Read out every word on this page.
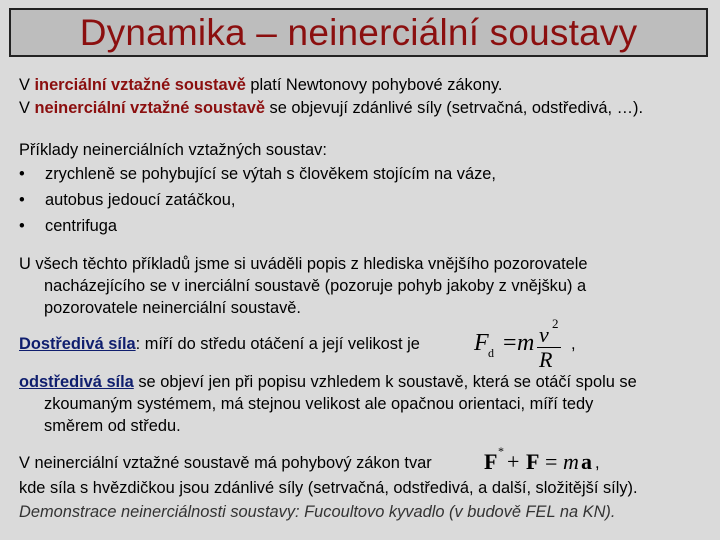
Dynamika – neinerciální soustavy
V inerciální vztažné soustavě platí Newtonovy pohybové zákony.
V neinerciální vztažné soustavě se objevují zdánlivé síly (setrvačná, odstředivá, …).
Příklady neinerciálních vztažných soustav:
• zrychleně se pohybující se výtah s člověkem stojícím na váze,
• autobus jedoucí zatáčkou,
• centrifuga
U všech těchto příkladů jsme si uváděli popis z hlediska vnějšího pozorovatele
nacházejícího se v inerciální soustavě (pozoruje pohyb jakoby z vnějšku) a
pozorovatele neinerciální soustavě.
Dostředivá síla: míří do středu otáčení a její velikost je F d = m v 2
R
,
odstředivá síla se objeví jen při popisu vzhledem k soustavě, která se otáčí spolu se
zkoumaným systémem, má stejnou velikost ale opačnou orientaci, míří tedy
směrem od středu.
V neinerciální vztažné soustavě má pohybový zákon tvar F * + F = m a ,
kde síla s hvězdičkou jsou zdánlivé síly (setrvačná, odstředivá, a další, složitější síly).
Demonstrace neinerciálnosti soustavy: Fucoultovo kyvadlo (v budově FEL na KN).
